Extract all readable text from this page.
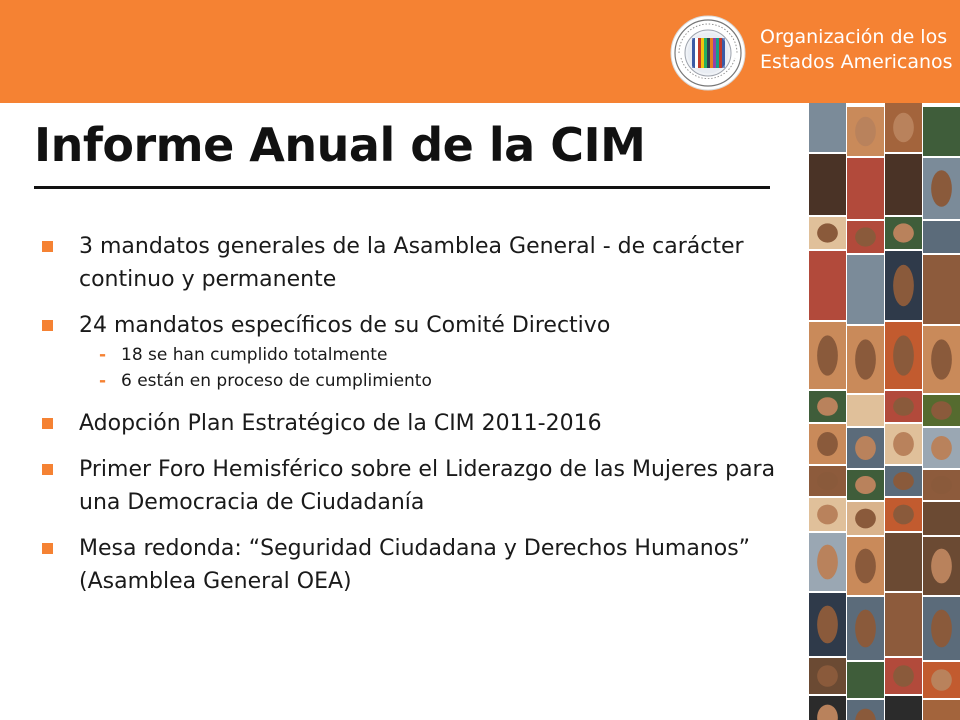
Organización de los
Estados Americanos
Informe Anual de la CIM
3 mandatos generales de la Asamblea General - de carácter continuo y permanente
24 mandatos específicos de su Comité Directivo
- 18 se han cumplido totalmente
- 6 están en proceso de cumplimiento
Adopción Plan Estratégico de la CIM 2011-2016
Primer Foro Hemisférico sobre el Liderazgo de las Mujeres para una Democracia de Ciudadanía
Mesa redonda: “Seguridad Ciudadana y Derechos Humanos” (Asamblea General OEA)
